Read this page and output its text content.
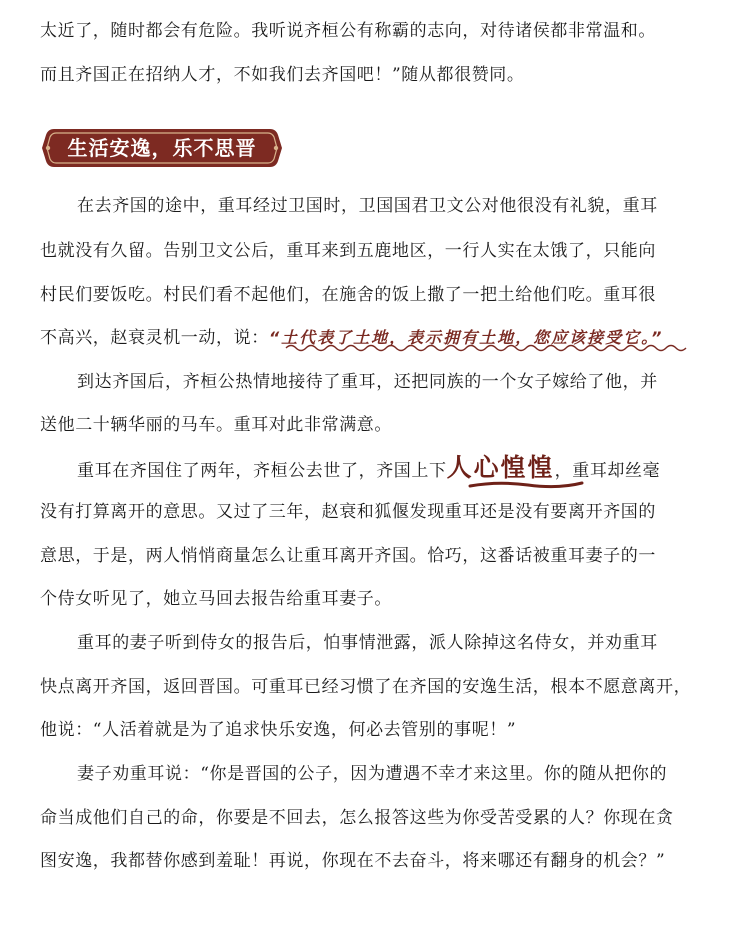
太近了，随时都会有危险。我听说齐桓公有称霸的志向，对待诸侯都非常温和。
而且齐国正在招纳人才，不如我们去齐国吧！”随从都很赞同。
生活安逸，乐不思晋
在去齐国的途中，重耳经过卫国时，卫国国君卫文公对他很没有礼貌，重耳
也就没有久留。告别卫文公后，重耳来到五鹿地区，一行人实在太饿了，只能向
村民们要饭吃。村民们看不起他们，在施舍的饭上撒了一把土给他们吃。重耳很
不高兴，赵衰灵机一动，说：“土代表了土地，表示拥有土地，您应该接受它。”
到达齐国后，齐桓公热情地接待了重耳，还把同族的一个女子嫁给了他，并
送他二十辆华丽的马车。重耳对此非常满意。
重耳在齐国住了两年，齐桓公去世了，齐国上下人心惶惶，重耳却丝毫
没有打算离开的意思。又过了三年，赵衰和狐偃发现重耳还是没有要离开齐国的
意思，于是，两人悄悄商量怎么让重耳离开齐国。恰巧，这番话被重耳妻子的一
个侍女听见了，她立马回去报告给重耳妻子。
重耳的妻子听到侍女的报告后，怕事情泄露，派人除掉这名侍女，并劝重耳
快点离开齐国，返回晋国。可重耳已经习惯了在齐国的安逸生活，根本不愿意离开，
他说：“人活着就是为了追求快乐安逸，何必去管别的事呢！”
妻子劝重耳说：“你是晋国的公子，因为遭遇不幸才来这里。你的随从把你的
命当成他们自己的命，你要是不回去，怎么报答这些为你受苦受累的人？你现在贪
图安逸，我都替你感到羞耻！再说，你现在不去奋斗，将来哪还有翻身的机会？”
